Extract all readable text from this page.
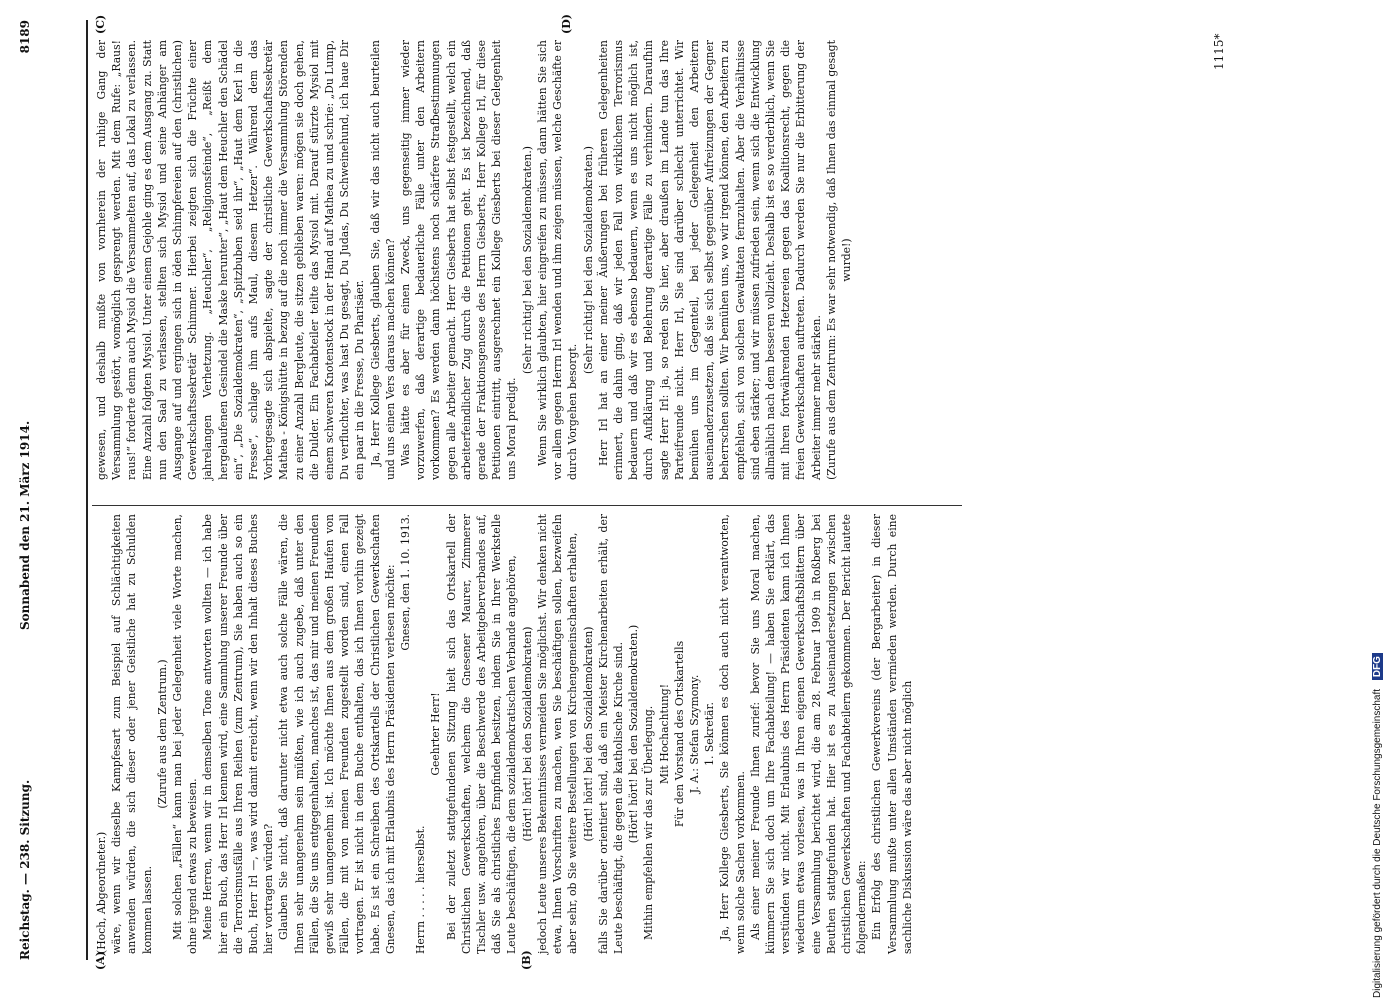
Reichstag. — 238. Sitzung.
Sonnabend den 21. März 1914.
8189
(A)	(B)
(C)	(D)

(Hoch, Abgeordneter.) wäre, wenn wir dieselbe Kampfesart zum Beispiel auf Schlächtigkeiten anwenden würden, die sich dieser oder jener Geistliche hat zu Schulden kommen lassen.

(Zurufe aus dem Zentrum.) Mit solchen „Fällen“ kann man bei jeder Gelegenheit viele Worte machen, ohne irgend etwas zu beweisen. Meine Herren, wenn wir in demselben Tone antworten wollten — ich habe hier ein Buch, das Herr Irl kennen wird, eine Sammlung unserer Freunde über die Terrorismusfälle aus Ihren Reihen (zum Zentrum), Sie haben auch so ein Buch, Herr Irl —, was wird damit erreicht, wenn wir den Inhalt dieses Buches hier vortragen würden? Glauben Sie nicht, daß darunter nicht etwa auch solche Fälle wären, die Ihnen sehr unangenehm sein müßten, wie ich auch zugebe, daß unter den Fällen, die Sie uns entgegenhalten, manches ist, das mir und meinen Freunden gewiß sehr unangenehm ist. Ich möchte Ihnen aus dem großen Haufen von Fällen, die mit von meinen Freunden zugestellt worden sind, einen Fall vortragen. Er ist nicht in dem Buche enthalten, das ich Ihnen vorhin gezeigt habe. Es ist ein Schreiben des Ortskartells der Christlichen Gewerkschaften Gnesen, das ich mit Erlaubnis des Herrn Präsidenten verlesen möchte: Gnesen, den 1. 10. 1913.

Herrn . . . . . hierselbst.

Geehrter Herr! Bei der zuletzt stattgefundenen Sitzung hielt sich das Ortskartell der Christlichen Gewerkschaften, welchem die Gnesener Maurer, Zimmerer Tischler usw. angehören, über die Beschwerde des Arbeitgeberverbandes auf, daß Sie als christliches Empfinden besitzen, indem Sie in Ihrer Werkstelle Leute beschäftigen, die dem sozialdemokratischen Verbande angehören, (Hört! hört! bei den Sozialdemokraten) jedoch Leute unseres Bekenntnisses vermeiden Sie möglichst. Wir denken nicht etwa, Ihnen Vorschriften zu machen, wen Sie beschäftigen sollen, bezweifeln aber sehr, ob Sie weitere Bestellungen von Kirchengemeinschaften erhalten, (Hört! hört! bei den Sozialdemokraten) falls Sie darüber orientiert sind, daß ein Meister Kirchenarbeiten erhält, der Leute beschäftigt, die gegen die katholische Kirche sind. (Hört! hört! bei den Sozialdemokraten.) Mithin empfehlen wir das zur Überlegung. Mit Hochachtung! Für den Vorstand des Ortskartells J. A.: Stefan Szymony. 1. Sekretär. Ja, Herr Kollege Giesberts, Sie können es doch auch nicht verantworten, wenn solche Sachen vorkommen. Als einer meiner Freunde Ihnen zurief: bevor Sie uns Moral machen, kümmern Sie sich doch um Ihre Fachabteilung! — haben Sie erklärt, das verstünden wir nicht. Mit Erlaubnis des Herrn Präsidenten kann ich Ihnen wiederum etwas vorlesen, was in Ihren eigenen Gewerkschaftsblättern über eine Versammlung berichtet wird, die am 28. Februar 1909 in Roßberg bei Beuthen stattgefunden hat. Hier ist es zu Auseinandersetzungen zwischen christlichen Gewerkschaften und Fachabteilern gekommen. Der Bericht lautete folgendermaßen: Ein Erfolg des christlichen Gewerkvereins (der Bergarbeiter) in dieser Versammlung mußte unter allen Umständen vermieden werden. Durch eine sachliche Diskussion wäre das aber nicht möglich

gewesen, und deshalb mußte von vornherein der ruhige Gang der Versammlung gestört, womöglich gesprengt werden. Mit dem Rufe: „Raus! raus!“ forderte denn auch Mysiol die Versammelten auf, das Lokal zu verlassen. Eine Anzahl folgten Mysiol. Unter einem Gejohle ging es dem Ausgang zu. Statt nun den Saal zu verlassen, stellten sich Mysiol und seine Anhänger am Ausgange auf und ergingen sich in öden Schimpfereien auf den (christlichen) Gewerkschaftssekretär Schimmer. Hierbei zeigten sich die Früchte einer jahrelangen Verhetzung. „Heuchler“, „Religionsfeinde“, „Reißt dem hergelaufenen Gesindel die Maske herunter“, „Haut dem Heuchler den Schädel ein“, „Die Sozialdemokraten“, „Spitzbuben seid ihr“, „Haut dem Kerl in die Fresse“, schlage ihm aufs Maul, diesem Hetzer“. Während dem das Vorhergesagte sich abspielte, sagte der christliche Gewerkschaftssekretär Mathea - Königshütte in bezug auf die noch immer die Versammlung Störenden zu einer Anzahl Bergleute, die sitzen geblieben waren: mögen sie doch gehen, die Dulder. Ein Fachabteiler teilte das Mysiol mit. Darauf stürzte Mysiol mit einem schweren Knotenstock in der Hand auf Mathea zu und schrie: „Du Lump, Du verfluchter, was hast Du gesagt, Du Judas, Du Schweinehund, ich haue Dir ein paar in die Fresse, Du Pharisäer. Ja, Herr Kollege Giesberts, glauben Sie, daß wir das nicht auch beurteilen und uns einen Vers daraus machen können? Was hätte es aber für einen Zweck, uns gegenseitig immer wieder vorzuwerfen, daß derartige bedauerliche Fälle unter den Arbeitern vorkommen? Es werden dann höchstens noch schärfere Strafbestimmungen gegen alle Arbeiter gemacht. Herr Giesberts hat selbst festgestellt, welch ein arbeiterfeindlicher Zug durch die Petitionen geht. Es ist bezeichnend, daß gerade der Fraktionsgenosse des Herrn Giesberts, Herr Kollege Irl, für diese Petitionen eintritt, ausgerechnet ein Kollege Giesberts bei dieser Gelegenheit uns Moral predigt.

(Sehr richtig! bei den Sozialdemokraten.) Wenn Sie wirklich glaubten, hier eingreifen zu müssen, dann hätten Sie sich vor allem gegen Herrn Irl wenden und ihm zeigen müssen, welche Geschäfte er durch Vorgehen besorgt.

(Sehr richtig! bei den Sozialdemokraten.) Herr Irl hat an einer meiner Äußerungen bei früheren Gelegenheiten erinnert, die dahin ging, daß wir jeden Fall von wirklichem Terrorismus bedauern und daß wir es ebenso bedauern, wenn es uns nicht möglich ist, durch Aufklärung und Belehrung derartige Fälle zu verhindern. Daraufhin sagte Herr Irl: ja, so reden Sie hier, aber draußen im Lande tun das Ihre Parteifreunde nicht. Herr Irl, Sie sind darüber schlecht unterrichtet. Wir bemühen uns im Gegenteil, bei jeder Gelegenheit den Arbeitern auseinanderzusetzen, daß sie sich selbst gegenüber Aufreizungen der Gegner beherrschen sollten. Wir bemühen uns, wo wir irgend können, den Arbeitern zu empfehlen, sich von solchen Gewalttaten fernzuhalten. Aber die Verhältnisse sind eben stärker; und wir müssen zufrieden sein, wenn sich die Entwicklung allmählich nach dem besseren vollzieht. Deshalb ist es so verderblich, wenn Sie mit Ihren fortwährenden Hetzereien gegen das Koalitionsrecht, gegen die freien Gewerkschaften auftreten. Dadurch werden Sie nur die Erbitterung der Arbeiter immer mehr stärken. (Zurufe aus dem Zentrum: Es war sehr notwendig, daß Ihnen das einmal gesagt wurde!)

1115*
Digitalisierung gefördert durch die Deutsche Forschungsgemeinschaft DFG
